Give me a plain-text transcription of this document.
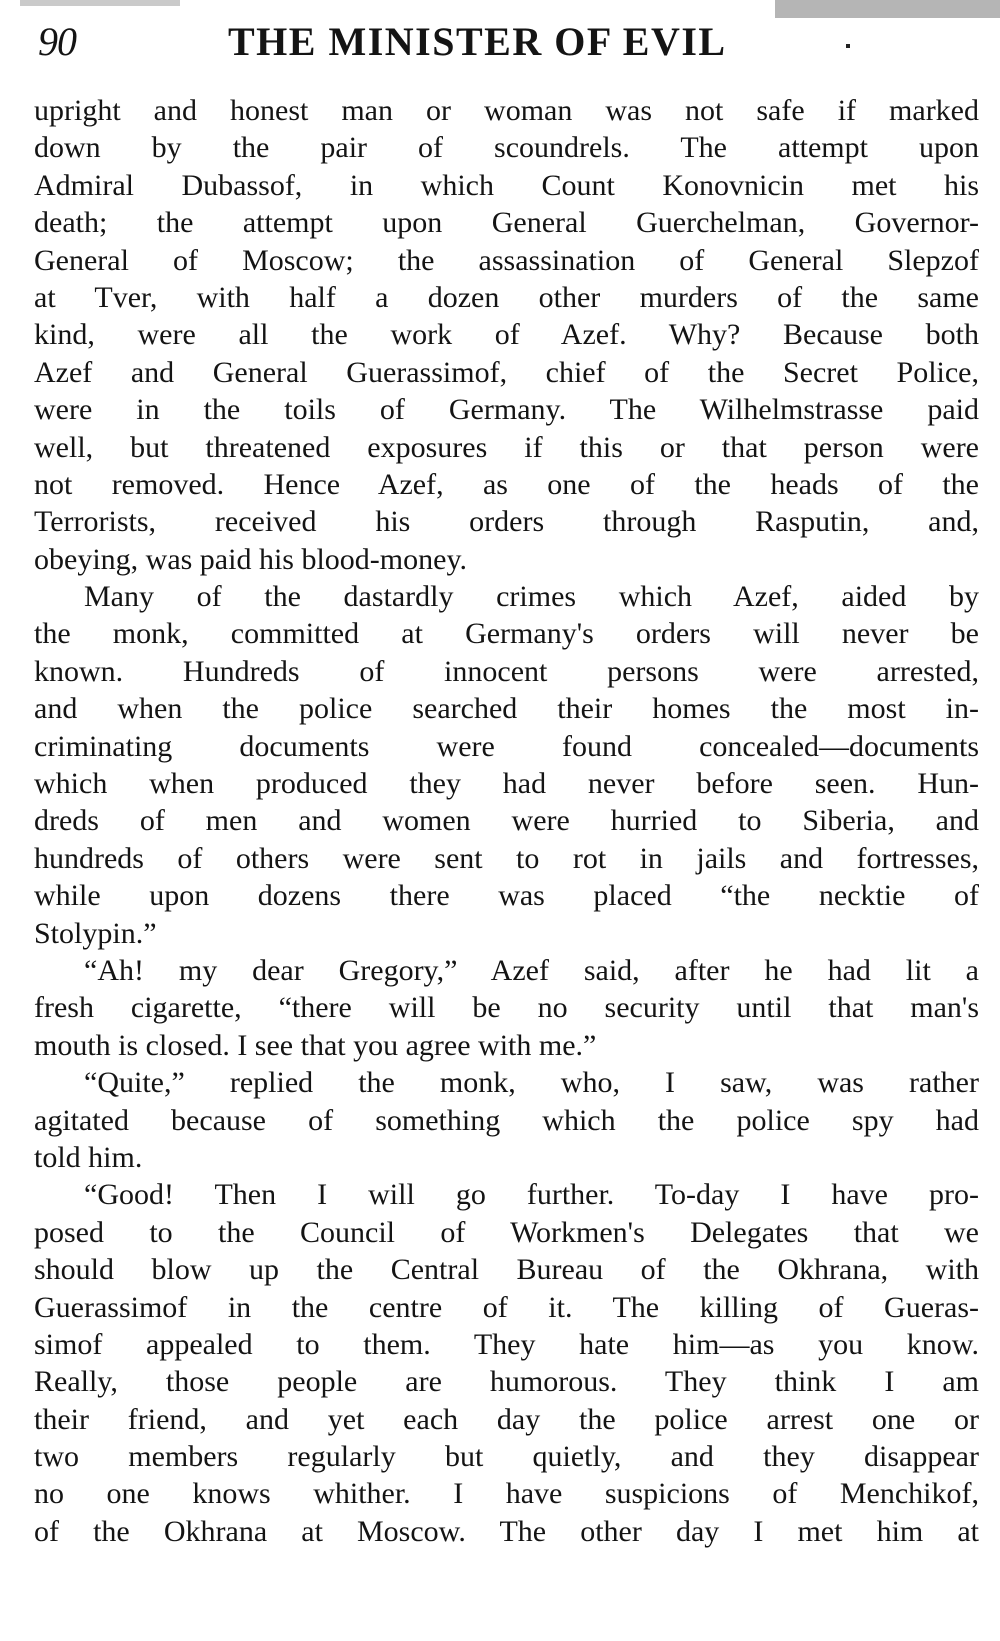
90	THE MINISTER OF EVIL
upright and honest man or woman was not safe if marked
down by the pair of scoundrels. The attempt upon
Admiral Dubassof, in which Count Konovnicin met his
death; the attempt upon General Guerchelman, Governor-
General of Moscow; the assassination of General Slepzof
at Tver, with half a dozen other murders of the same
kind, were all the work of Azef. Why? Because both
Azef and General Guerassimof, chief of the Secret Police,
were in the toils of Germany. The Wilhelmstrasse paid
well, but threatened exposures if this or that person were
not removed. Hence Azef, as one of the heads of the
Terrorists, received his orders through Rasputin, and,
obeying, was paid his blood-money.
Many of the dastardly crimes which Azef, aided by
the monk, committed at Germany's orders will never be
known. Hundreds of innocent persons were arrested,
and when the police searched their homes the most in-
criminating documents were found concealed—documents
which when produced they had never before seen. Hun-
dreds of men and women were hurried to Siberia, and
hundreds of others were sent to rot in jails and fortresses,
while upon dozens there was placed “the necktie of
Stolypin.”
“Ah! my dear Gregory,” Azef said, after he had lit a
fresh cigarette, “there will be no security until that man's
mouth is closed. I see that you agree with me.”
“Quite,” replied the monk, who, I saw, was rather
agitated because of something which the police spy had
told him.
“Good! Then I will go further. To-day I have pro-
posed to the Council of Workmen's Delegates that we
should blow up the Central Bureau of the Okhrana, with
Guerassimof in the centre of it. The killing of Gueras-
simof appealed to them. They hate him—as you know.
Really, those people are humorous. They think I am
their friend, and yet each day the police arrest one or
two members regularly but quietly, and they disappear
no one knows whither. I have suspicions of Menchikof,
of the Okhrana at Moscow. The other day I met him at
